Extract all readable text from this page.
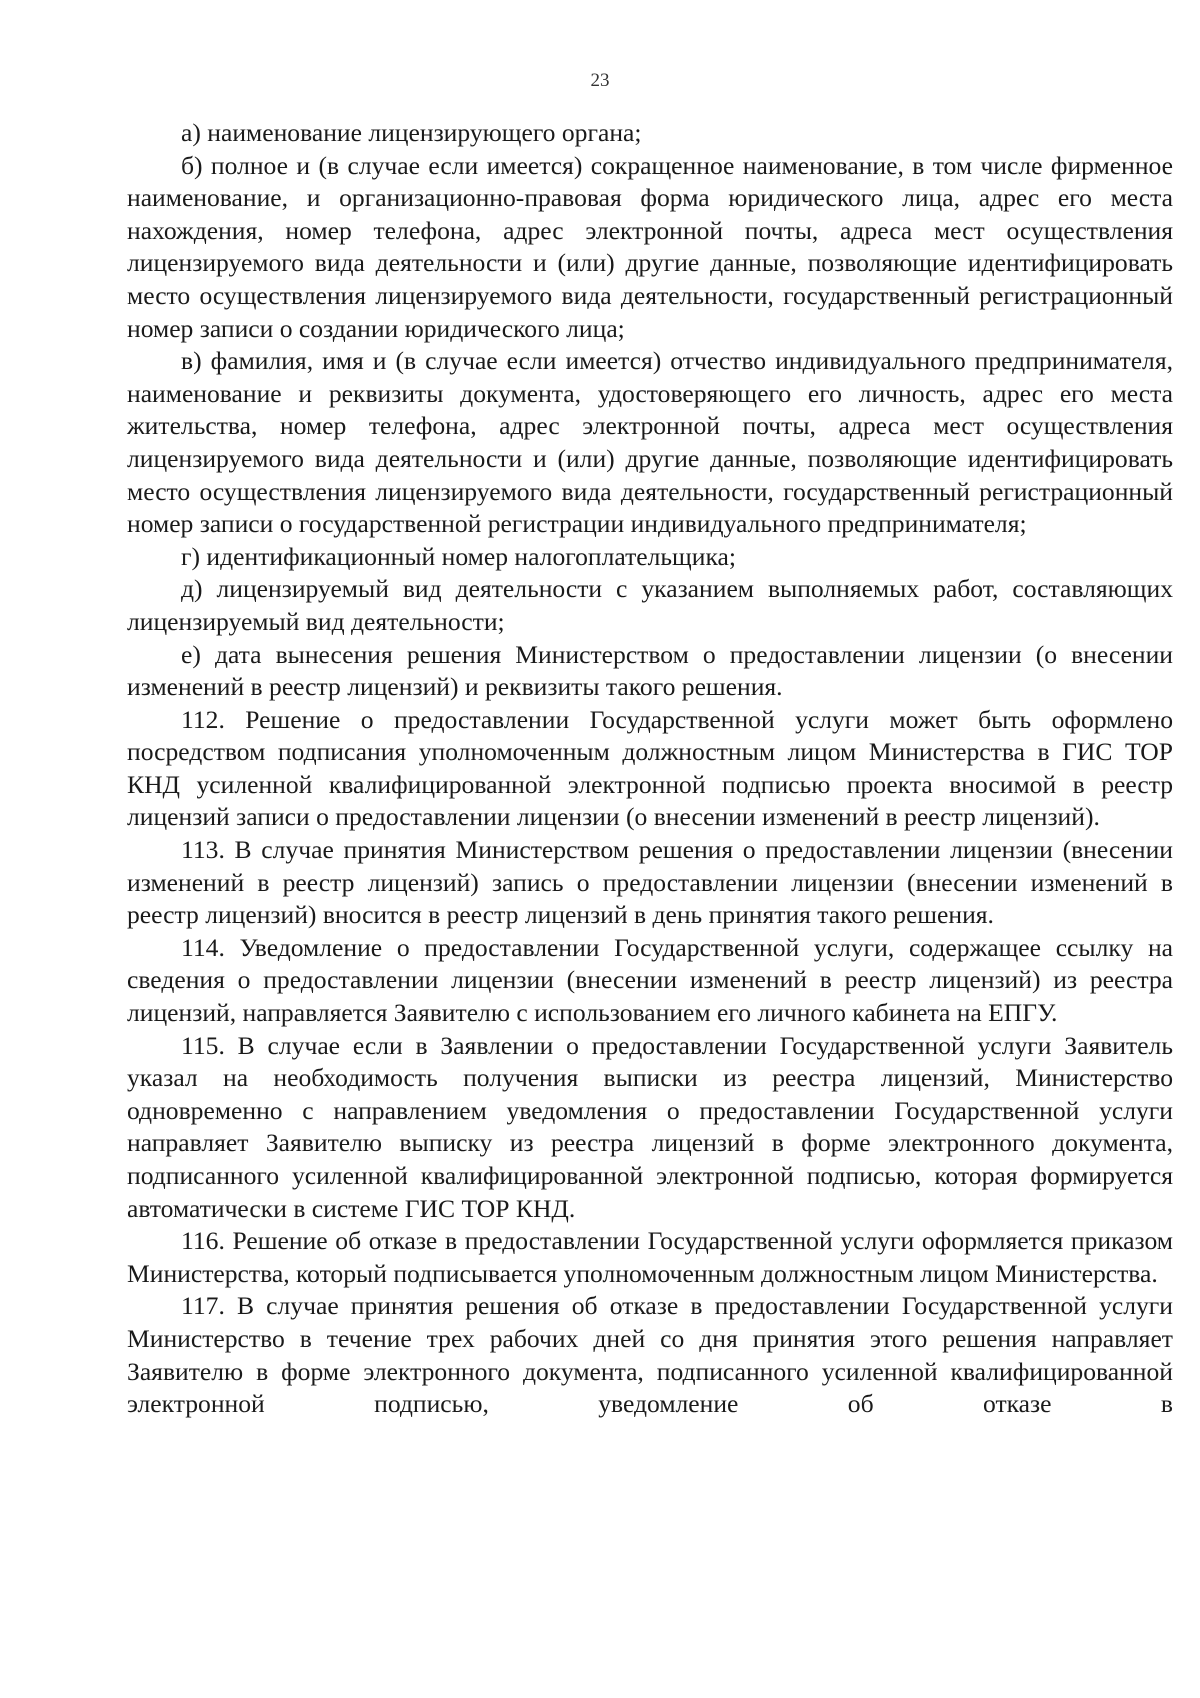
23

а) наименование лицензирующего органа;

б) полное и (в случае если имеется) сокращенное наименование, в том числе фирменное наименование, и организационно-правовая форма юридического лица, адрес его места нахождения, номер телефона, адрес электронной почты, адреса мест осуществления лицензируемого вида деятельности и (или) другие данные, позволяющие идентифицировать место осуществления лицензируемого вида деятельности, государственный регистрационный номер записи о создании юридического лица;

в) фамилия, имя и (в случае если имеется) отчество индивидуального предпринимателя, наименование и реквизиты документа, удостоверяющего его личность, адрес его места жительства, номер телефона, адрес электронной почты, адреса мест осуществления лицензируемого вида деятельности и (или) другие данные, позволяющие идентифицировать место осуществления лицензируемого вида деятельности, государственный регистрационный номер записи о государственной регистрации индивидуального предпринимателя;

г) идентификационный номер налогоплательщика;

д) лицензируемый вид деятельности с указанием выполняемых работ, составляющих лицензируемый вид деятельности;

е) дата вынесения решения Министерством о предоставлении лицензии (о внесении изменений в реестр лицензий) и реквизиты такого решения.

112. Решение о предоставлении Государственной услуги может быть оформлено посредством подписания уполномоченным должностным лицом Министерства в ГИС ТОР КНД усиленной квалифицированной электронной подписью проекта вносимой в реестр лицензий записи о предоставлении лицензии (о внесении изменений в реестр лицензий).

113. В случае принятия Министерством решения о предоставлении лицензии (внесении изменений в реестр лицензий) запись о предоставлении лицензии (внесении изменений в реестр лицензий) вносится в реестр лицензий в день принятия такого решения.

114. Уведомление о предоставлении Государственной услуги, содержащее ссылку на сведения о предоставлении лицензии (внесении изменений в реестр лицензий) из реестра лицензий, направляется Заявителю с использованием его личного кабинета на ЕПГУ.

115. В случае если в Заявлении о предоставлении Государственной услуги Заявитель указал на необходимость получения выписки из реестра лицензий, Министерство одновременно с направлением уведомления о предоставлении Государственной услуги направляет Заявителю выписку из реестра лицензий в форме электронного документа, подписанного усиленной квалифицированной электронной подписью, которая формируется автоматически в системе ГИС ТОР КНД.

116. Решение об отказе в предоставлении Государственной услуги оформляется приказом Министерства, который подписывается уполномоченным должностным лицом Министерства.

117. В случае принятия решения об отказе в предоставлении Государственной услуги Министерство в течение трех рабочих дней со дня принятия этого решения направляет Заявителю в форме электронного документа, подписанного усиленной квалифицированной электронной подписью, уведомление об отказе в
